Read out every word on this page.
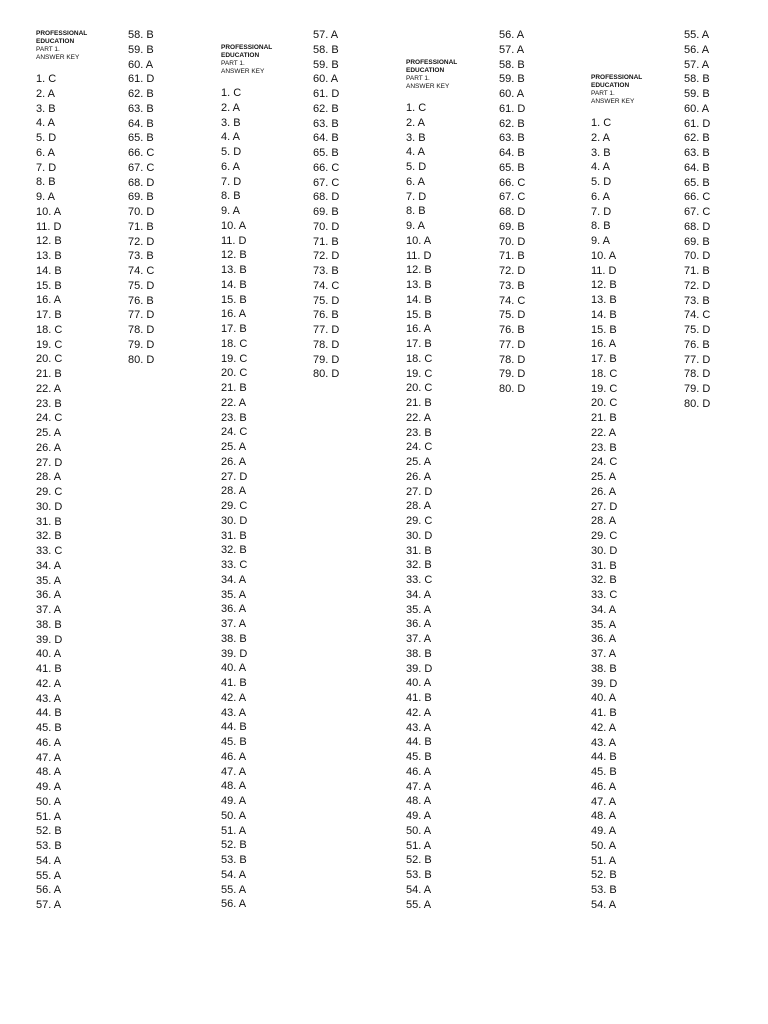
PROFESSIONAL
EDUCATION
PART 1.
ANSWER KEY
1. C
2. A
3. B
4. A
5. D
6. A
7. D
8. B
9. A
10. A
11. D
12. B
13. B
14. B
15. B
16. A
17. B
18. C
19. C
20. C
21. B
22. A
23. B
24. C
25. A
26. A
27. D
28. A
29. C
30. D
31. B
32. B
33. C
34. A
35. A
36. A
37. A
38. B
39. D
40. A
41. B
42. A
43. A
44. B
45. B
46. A
47. A
48. A
49. A
50. A
51. A
52. B
53. B
54. A
55. A
56. A
57. A
58. B
59. B
60. A
61. D
62. B
63. B
64. B
65. B
66. C
67. C
68. D
69. B
70. D
71. B
72. D
73. B
74. C
75. D
76. B
77. D
78. D
79. D
80. D
PROFESSIONAL
EDUCATION
PART 1.
ANSWER KEY
1. C
2. A
3. B
4. A
5. D
6. A
7. D
8. B
9. A
10. A
11. D
12. B
13. B
14. B
15. B
16. A
17. B
18. C
19. C
20. C
21. B
22. A
23. B
24. C
25. A
26. A
27. D
28. A
29. C
30. D
31. B
32. B
33. C
34. A
35. A
36. A
37. A
38. B
39. D
40. A
41. B
42. A
43. A
44. B
45. B
46. A
47. A
48. A
49. A
50. A
51. A
52. B
53. B
54. A
55. A
56. A
57. A
58. B
59. B
60. A
61. D
62. B
63. B
64. B
65. B
66. C
67. C
68. D
69. B
70. D
71. B
72. D
73. B
74. C
75. D
76. B
77. D
78. D
79. D
80. D
PROFESSIONAL
EDUCATION
PART 1.
ANSWER KEY
1. C
2. A
3. B
4. A
5. D
6. A
7. D
8. B
9. A
10. A
11. D
12. B
13. B
14. B
15. B
16. A
17. B
18. C
19. C
20. C
21. B
22. A
23. B
24. C
25. A
26. A
27. D
28. A
29. C
30. D
31. B
32. B
33. C
34. A
35. A
36. A
37. A
38. B
39. D
40. A
41. B
42. A
43. A
44. B
45. B
46. A
47. A
48. A
49. A
50. A
51. A
52. B
53. B
54. A
55. A
56. A
57. A
58. B
59. B
60. A
61. D
62. B
63. B
64. B
65. B
66. C
67. C
68. D
69. B
70. D
71. B
72. D
73. B
74. C
75. D
76. B
77. D
78. D
79. D
80. D
PROFESSIONAL
EDUCATION
PART 1.
ANSWER KEY
1. C
2. A
3. B
4. A
5. D
6. A
7. D
8. B
9. A
10. A
11. D
12. B
13. B
14. B
15. B
16. A
17. B
18. C
19. C
20. C
21. B
22. A
23. B
24. C
25. A
26. A
27. D
28. A
29. C
30. D
31. B
32. B
33. C
34. A
35. A
36. A
37. A
38. B
39. D
40. A
41. B
42. A
43. A
44. B
45. B
46. A
47. A
48. A
49. A
50. A
51. A
52. B
53. B
54. A
55. A
56. A
57. A
58. B
59. B
60. A
61. D
62. B
63. B
64. B
65. B
66. C
67. C
68. D
69. B
70. D
71. B
72. D
73. B
74. C
75. D
76. B
77. D
78. D
79. D
80. D
